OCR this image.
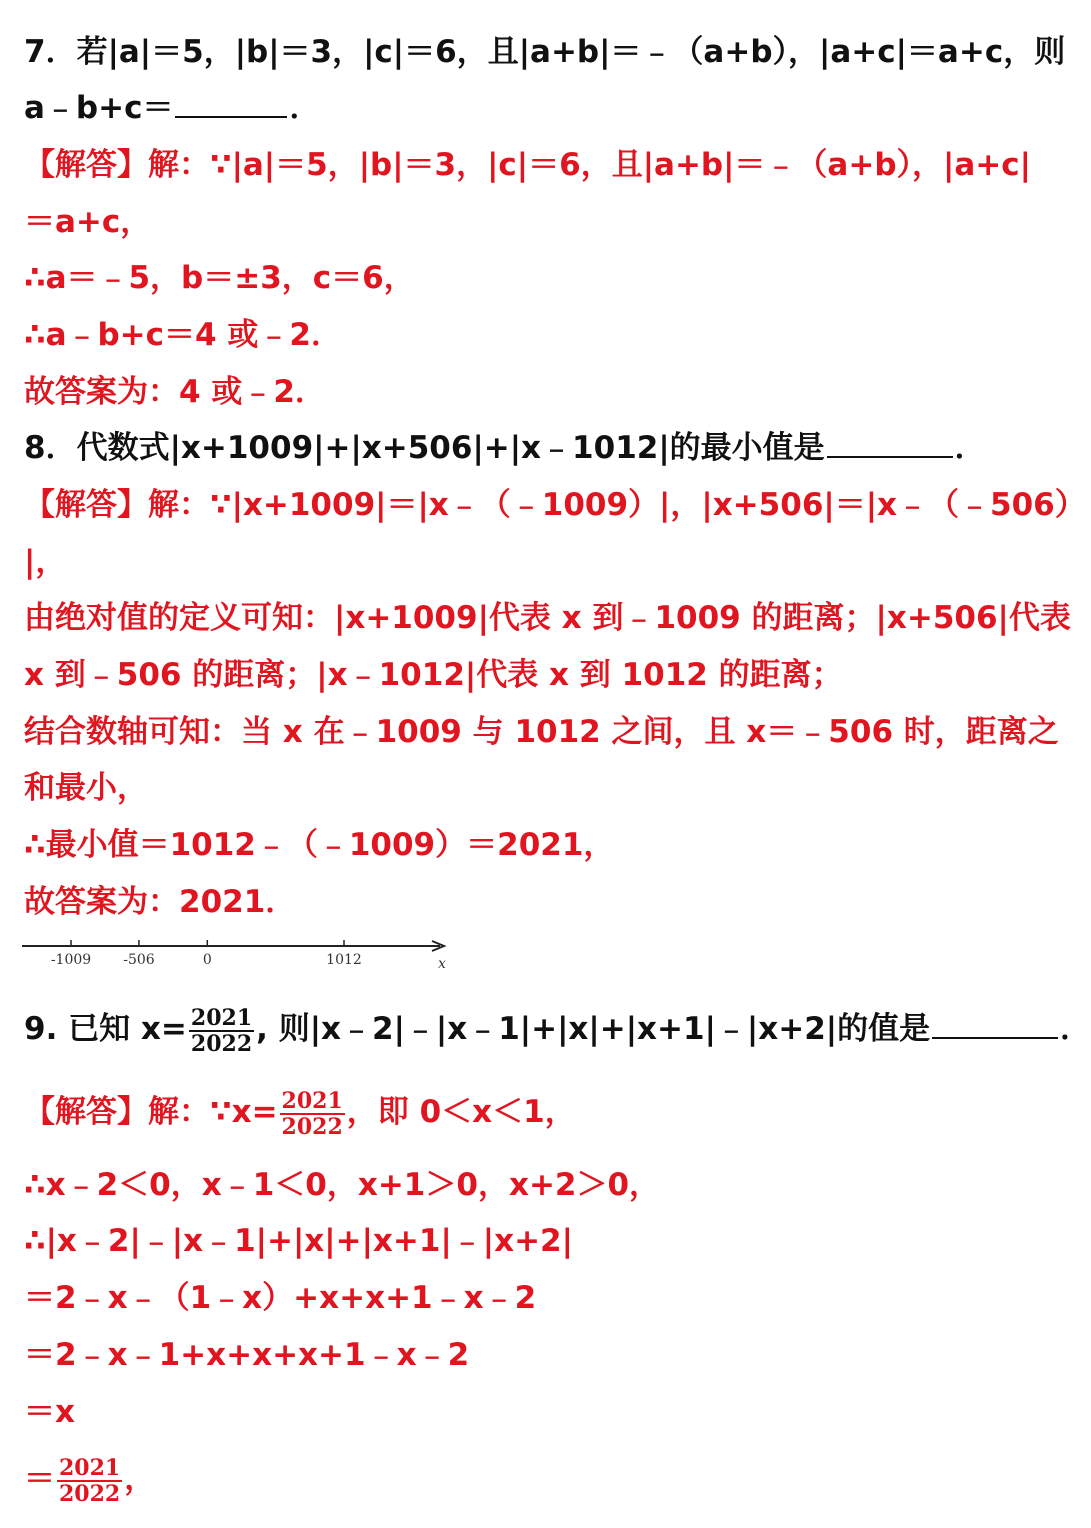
7．若|a|＝5，|b|＝3，|c|＝6，且|a+b|＝﹣（a+b），|a+c|＝a+c，则
a﹣b+c＝	．
【解答】解：∵|a|＝5，|b|＝3，|c|＝6，且|a+b|＝﹣（a+b），|a+c|
＝a+c，
∴a＝﹣5，b＝±3，c＝6，
∴a﹣b+c＝4 或﹣2．
故答案为：4 或﹣2．
8．代数式|x+1009|+|x+506|+|x﹣1012|的最小值是	．
【解答】解：∵|x+1009|＝|x﹣（﹣1009）|，|x+506|＝|x﹣（﹣506）
|，
由绝对值的定义可知：|x+1009|代表 x 到﹣1009 的距离；|x+506|代表
x 到﹣506 的距离；|x﹣1012|代表 x 到 1012 的距离；
结合数轴可知：当 x 在﹣1009 与 1012 之间，且 x＝﹣506 时，距离之
和最小，
∴最小值＝1012﹣（﹣1009）＝2021，
故答案为：2021．
-1009 -506	0	1012	x
9. 已知 $x= \frac{2021}{2022}$ , 则|x﹣2|﹣|x﹣1|+|x|+|x+1|﹣|x+2|的值是	．
【解答】解：∵x= $\frac{2021}{2022}$ ，即 0＜x＜1，
∴x﹣2＜0，x﹣1＜0，x+1＞0，x+2＞0，
∴|x﹣2|﹣|x﹣1|+|x|+|x+1|﹣|x+2|
＝2﹣x﹣（1﹣x）+x+x+1﹣x﹣2
＝2﹣x﹣1+x+x+x+1﹣x﹣2
＝x
＝ $\frac{2021}{2022}$ ，
